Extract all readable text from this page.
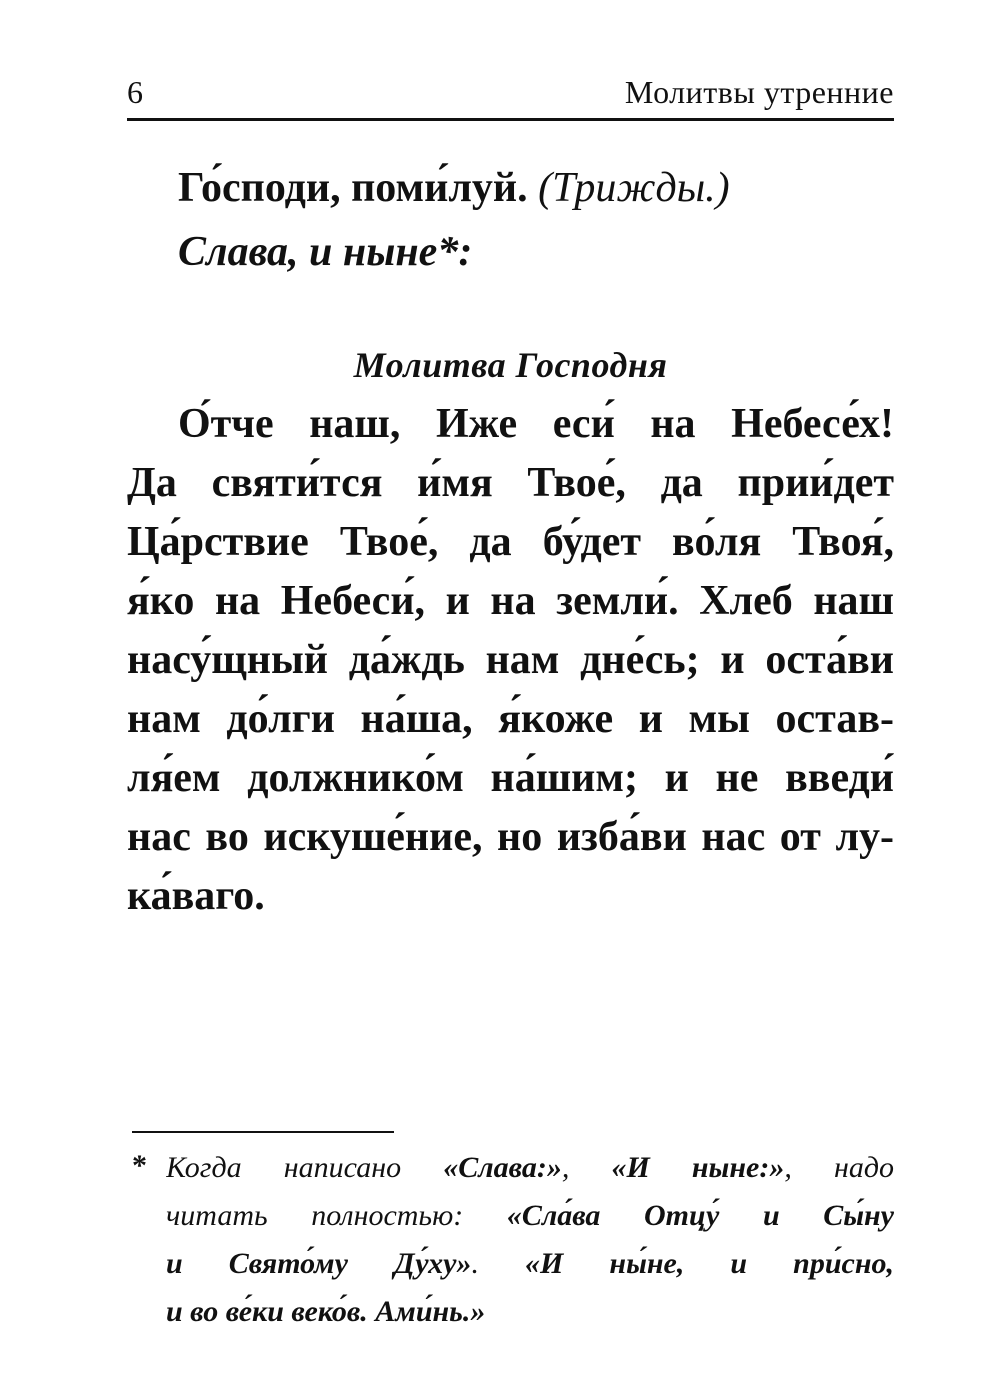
6	Молитвы утренние
Го́споди, поми́луй. (Трижды.)
Слава, и ныне*:
Молитва Господня
О́тче наш, Иже еси́ на Небесе́х!
Да святи́тся и́мя Твое́, да прии́дет
Ца́рствие Твое́, да бу́дет во́ля Твоя́,
я́ко на Небеси́, и на земли́. Хлеб наш
насу́щный да́ждь нам дне́сь; и оста́ви
нам до́лги на́ша, я́коже и мы остав-
ля́ем должнико́м на́шим; и не введи́
нас во искуше́ние, но изба́ви нас от лу-
ка́ваго.
* Когда написано «Слава:», «И ныне:», надо
читать полностью: «Сла́ва Отцу́ и Сы́ну
и Свято́му Ду́ху». «И ны́не, и при́сно,
и во ве́ки веко́в. Ами́нь.»
